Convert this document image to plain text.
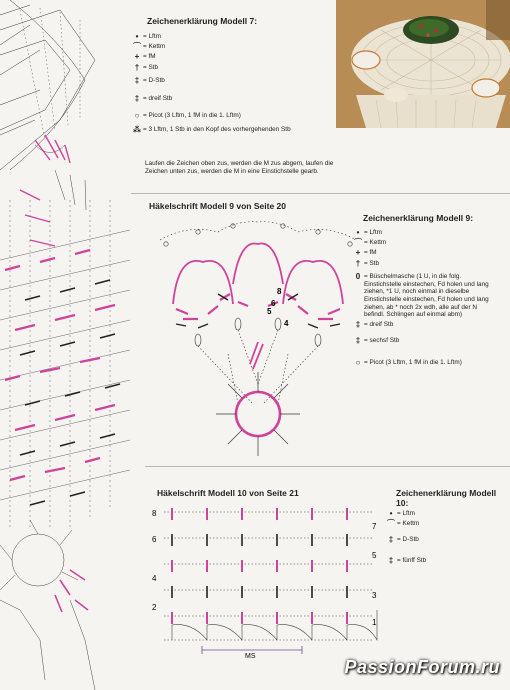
Zeichenerklärung Modell 7:
• = Lftm
⌒ = Kettm
+ = fM
† = Stb
‡ = D-Stb
‡ = dreif Stb
○ = Picot (3 Lftm, 1 fM in die 1. Lftm)
⁂ = 3 Lftm, 1 Stb in den Kopf des vorhergehenden Stb
Laufen die Zeichen oben zus, werden die M zus abgem, laufen die Zeichen unten zus, werden die M in eine Einstichstelle gearb.
Häkelschrift Modell 9 von Seite 20
8
6
5
4
Zeichenerklärung Modell 9:
• = Lftm
⌒ = Kettm
+ = fM
† = Stb
0 = Büschelmasche (1 U, in die folg. Einstichstelle einstechen, Fd holen und lang ziehen, *1 U, noch einmal in dieselbe Einstichstelle einstechen, Fd holen und lang ziehen, ab * noch 2x wdh, alle auf der N befindl. Schlingen auf einmal abm)
‡ = dreif Stb
‡ = sechsf Stb
○ = Picot (3 Lftm, 1 fM in die 1. Lftm)
Häkelschrift Modell 10 von Seite 21
8
6
4
2
7
5
3
1
MS
Zeichenerklärung Modell 10:
• = Lftm
⌒ = Kettm
‡ = D-Stb
‡ = fünff Stb
PassionForum.ru
